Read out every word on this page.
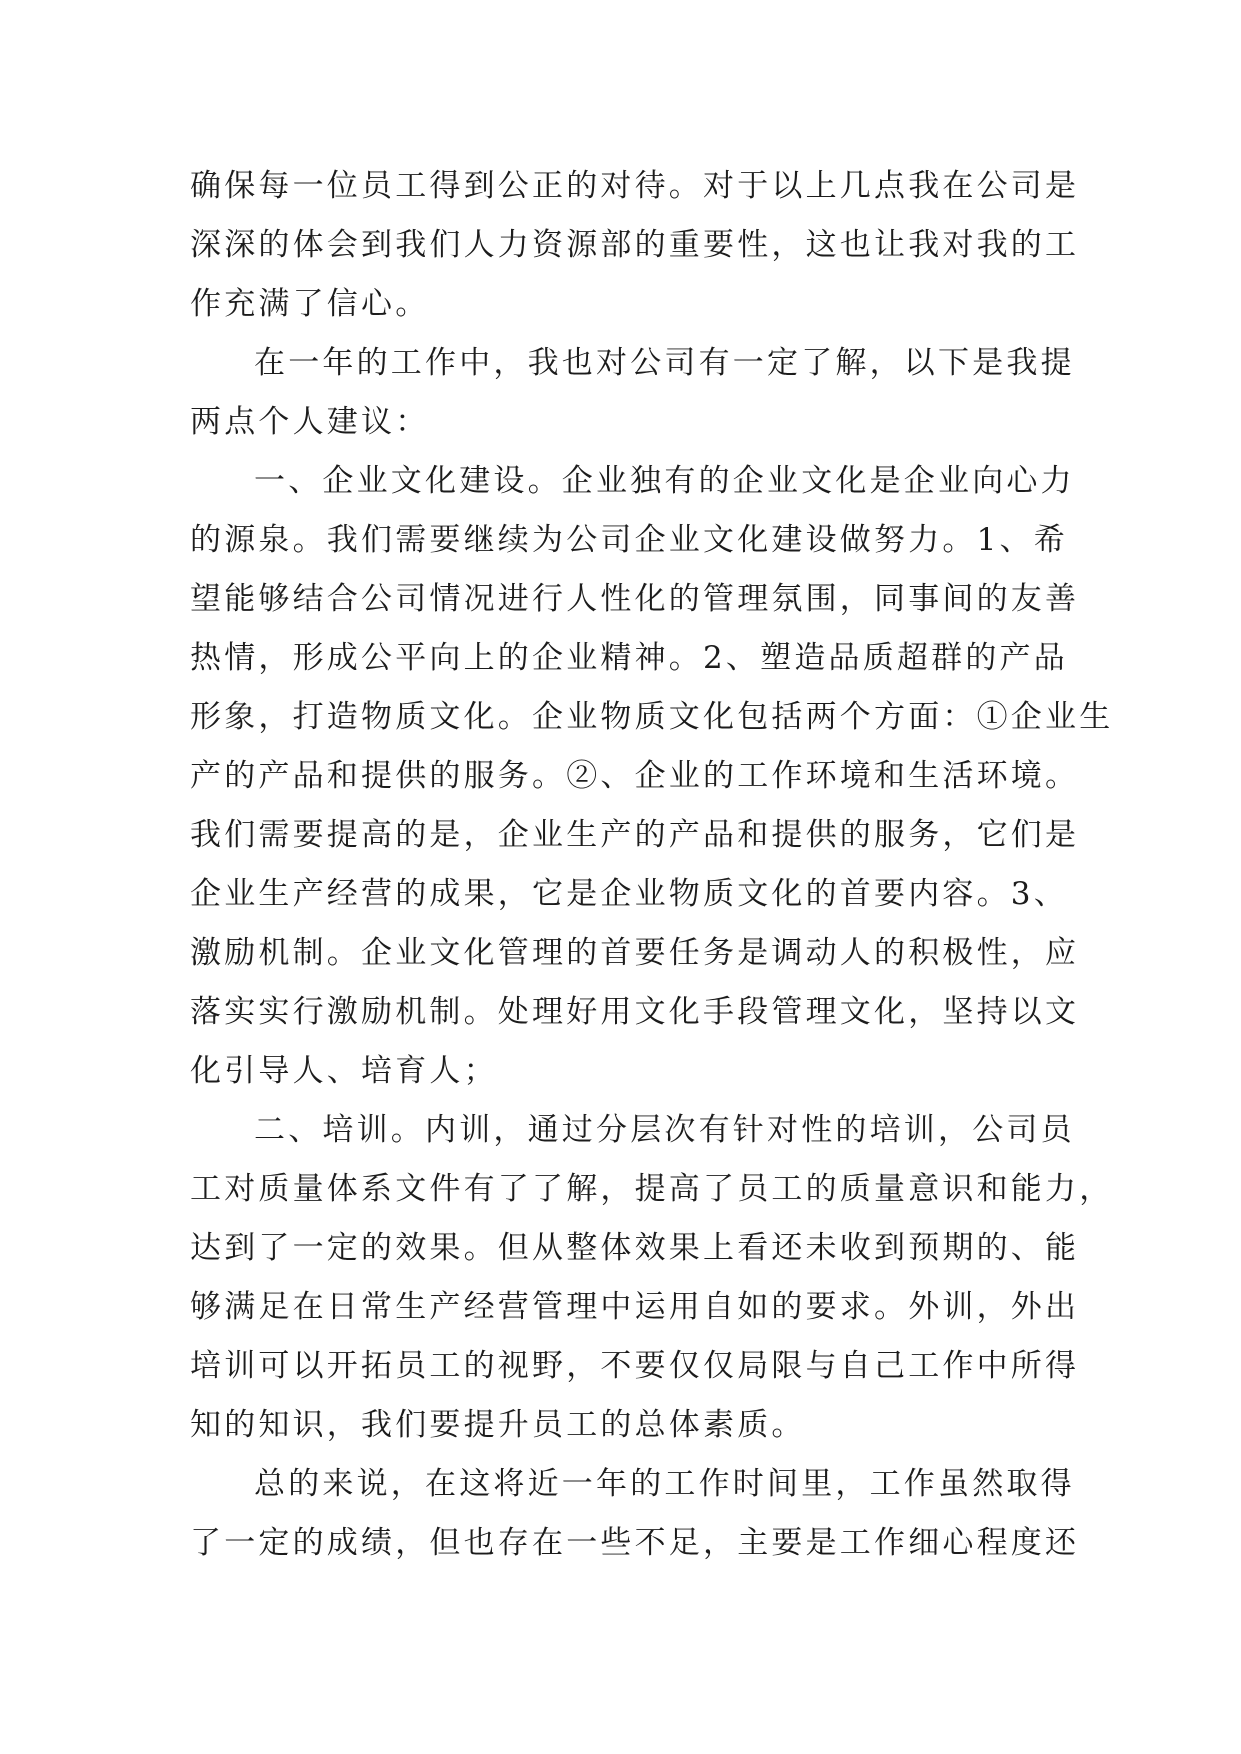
确保每一位员工得到公正的对待。对于以上几点我在公司是
深深的体会到我们人力资源部的重要性，这也让我对我的工
作充满了信心。
在一年的工作中，我也对公司有一定了解，以下是我提
两点个人建议：
一、企业文化建设。企业独有的企业文化是企业向心力
的源泉。我们需要继续为公司企业文化建设做努力。1、希
望能够结合公司情况进行人性化的管理氛围，同事间的友善
热情，形成公平向上的企业精神。2、塑造品质超群的产品
形象，打造物质文化。企业物质文化包括两个方面：①企业生
产的产品和提供的服务。②、企业的工作环境和生活环境。
我们需要提高的是，企业生产的产品和提供的服务，它们是
企业生产经营的成果，它是企业物质文化的首要内容。3、
激励机制。企业文化管理的首要任务是调动人的积极性，应
落实实行激励机制。处理好用文化手段管理文化，坚持以文
化引导人、培育人；
二、培训。内训，通过分层次有针对性的培训，公司员
工对质量体系文件有了了解，提高了员工的质量意识和能力，
达到了一定的效果。但从整体效果上看还未收到预期的、能
够满足在日常生产经营管理中运用自如的要求。外训，外出
培训可以开拓员工的视野，不要仅仅局限与自己工作中所得
知的知识，我们要提升员工的总体素质。
总的来说，在这将近一年的工作时间里，工作虽然取得
了一定的成绩，但也存在一些不足，主要是工作细心程度还
